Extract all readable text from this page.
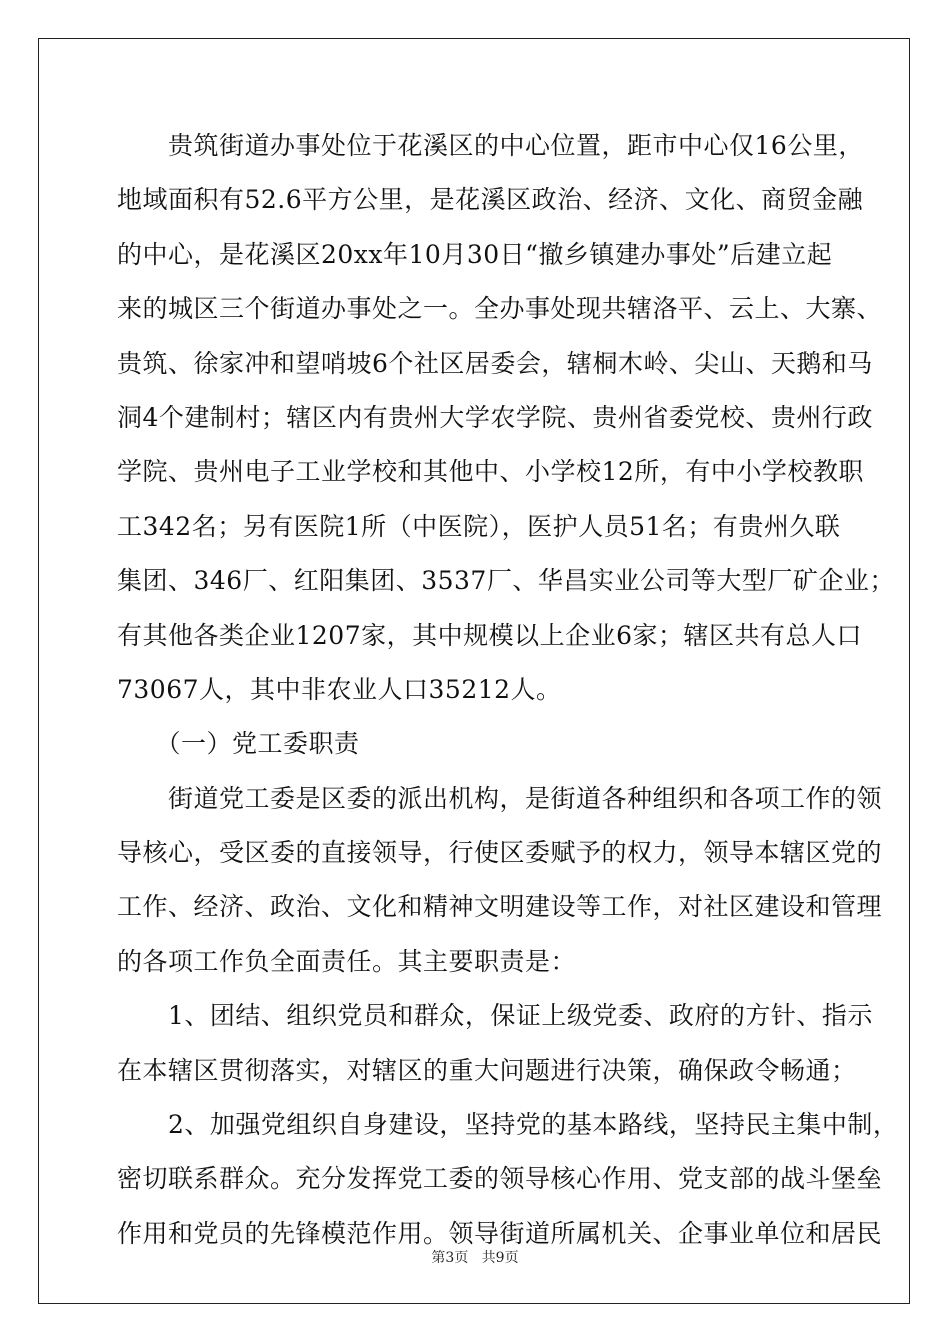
　　贵筑街道办事处位于花溪区的中心位置，距市中心仅16公里，
地域面积有52.6平方公里，是花溪区政治、经济、文化、商贸金融
的中心，是花溪区20xx年10月30日“撤乡镇建办事处”后建立起
来的城区三个街道办事处之一。全办事处现共辖洛平、云上、大寨、
贵筑、徐家冲和望哨坡6个社区居委会，辖桐木岭、尖山、天鹅和马
洞4个建制村；辖区内有贵州大学农学院、贵州省委党校、贵州行政
学院、贵州电子工业学校和其他中、小学校12所，有中小学校教职
工342名；另有医院1所（中医院），医护人员51名；有贵州久联
集团、346厂、红阳集团、3537厂、华昌实业公司等大型厂矿企业；
有其他各类企业1207家，其中规模以上企业6家；辖区共有总人口
73067人，其中非农业人口35212人。
　　（一）党工委职责
　　街道党工委是区委的派出机构，是街道各种组织和各项工作的领
导核心，受区委的直接领导，行使区委赋予的权力，领导本辖区党的
工作、经济、政治、文化和精神文明建设等工作，对社区建设和管理
的各项工作负全面责任。其主要职责是：
　　1、团结、组织党员和群众，保证上级党委、政府的方针、指示
在本辖区贯彻落实，对辖区的重大问题进行决策，确保政令畅通；
　　2、加强党组织自身建设，坚持党的基本路线，坚持民主集中制，
密切联系群众。充分发挥党工委的领导核心作用、党支部的战斗堡垒
作用和党员的先锋模范作用。领导街道所属机关、企事业单位和居民
第3页   共9页
